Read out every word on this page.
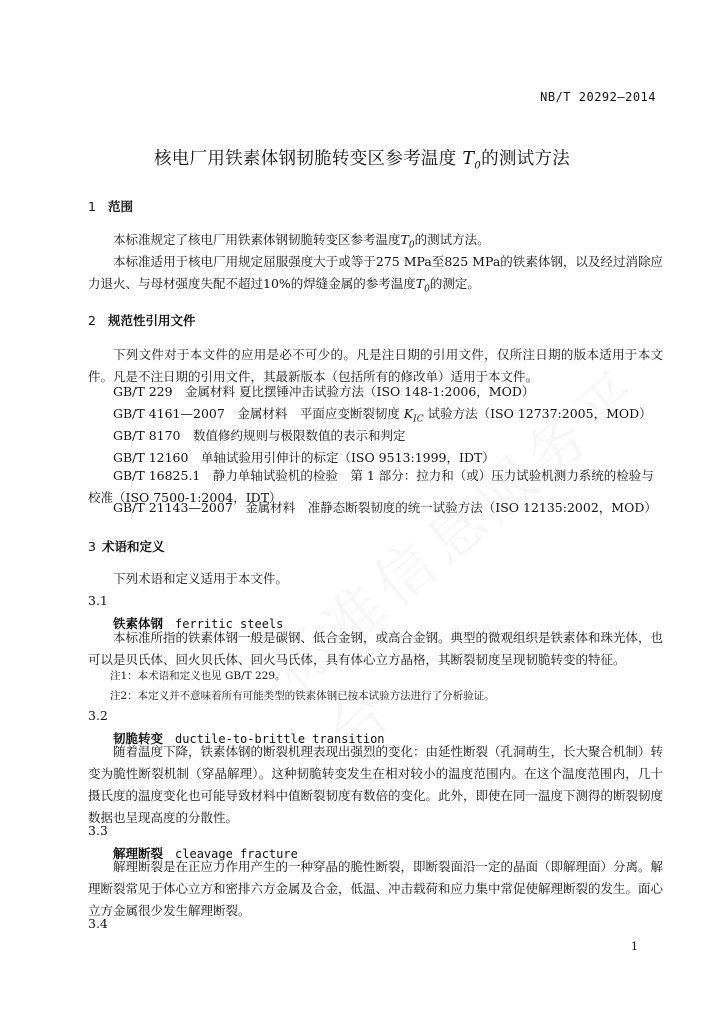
NB/T 20292—2014
核电厂用铁素体钢韧脆转变区参考温度 $T_0$的测试方法
1 范围
本标准规定了核电厂用铁素体钢韧脆转变区参考温度$T_0$的测试方法。
本标准适用于核电厂用规定屈服强度大于或等于275 MPa至825 MPa的铁素体钢，以及经过消除应力退火、与母材强度失配不超过10%的焊缝金属的参考温度$T_0$的测定。
2 规范性引用文件
下列文件对于本文件的应用是必不可少的。凡是注日期的引用文件，仅所注日期的版本适用于本文件。凡是不注日期的引用文件，其最新版本（包括所有的修改单）适用于本文件。
GB/T 229　金属材料 夏比摆锤冲击试验方法（ISO 148-1:2006，MOD）
GB/T 4161—2007　金属材料　平面应变断裂韧度 $K_{IC}$ 试验方法（ISO 12737:2005，MOD）
GB/T 8170　数值修约规则与极限数值的表示和判定
GB/T 12160　单轴试验用引伸计的标定（ISO 9513:1999，IDT）
GB/T 16825.1　静力单轴试验机的检验　第 1 部分：拉力和（或）压力试验机测力系统的检验与校准（ISO 7500-1:2004，IDT）
GB/T 21143—2007　金属材料　准静态断裂韧度的统一试验方法（ISO 12135:2002，MOD）
3 术语和定义
下列术语和定义适用于本文件。
3.1
铁素体钢 ferritic steels
本标准所指的铁素体钢一般是碳钢、低合金钢，或高合金钢。典型的微观组织是铁素体和珠光体，也可以是贝氏体、回火贝氏体、回火马氏体，具有体心立方晶格，其断裂韧度呈现韧脆转变的特征。
注1：本术语和定义也见 GB/T 229。
注2：本定义并不意味着所有可能类型的铁素体钢已按本试验方法进行了分析验证。
3.2
韧脆转变 ductile-to-brittle transition
随着温度下降，铁素体钢的断裂机理表现出强烈的变化：由延性断裂（孔洞萌生，长大聚合机制）转变为脆性断裂机制（穿晶解理）。这种韧脆转变发生在相对较小的温度范围内。在这个温度范围内，几十摄氏度的温度变化也可能导致材料中值断裂韧度有数倍的变化。此外，即使在同一温度下测得的断裂韧度数据也呈现高度的分散性。
3.3
解理断裂 cleavage fracture
解理断裂是在正应力作用产生的一种穿晶的脆性断裂，即断裂面沿一定的晶面（即解理面）分离。解理断裂常见于体心立方和密排六方金属及合金，低温、冲击载荷和应力集中常促使解理断裂的发生。面心立方金属很少发生解理断裂。
3.4
1
